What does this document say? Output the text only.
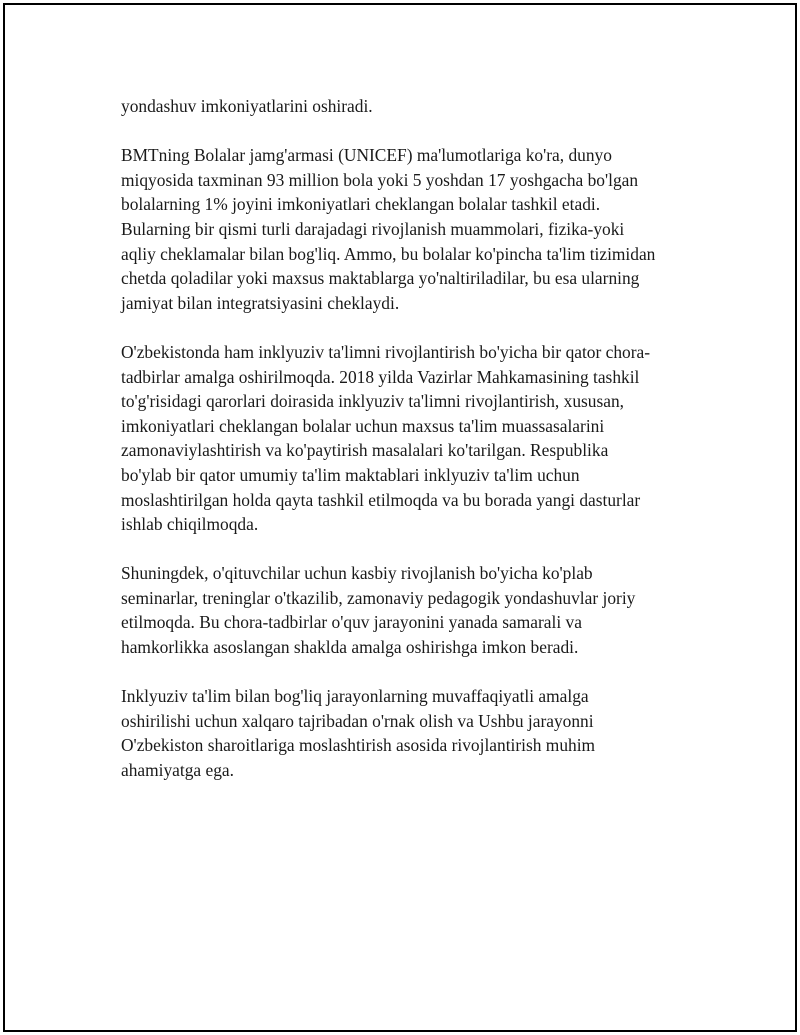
yondashuv imkoniyatlarini oshiradi.

BMTning Bolalar jamg'armasi (UNICEF) ma'lumotlariga ko'ra, dunyo
miqyosida taxminan 93 million bola yoki 5 yoshdan 17 yoshgacha bo'lgan
bolalarning 1% joyini imkoniyatlari cheklangan bolalar tashkil etadi.
Bularning bir qismi turli darajadagi rivojlanish muammolari, fizika-yoki
aqliy cheklamalar bilan bog'liq. Ammo, bu bolalar ko'pincha ta'lim tizimidan
chetda qoladilar yoki maxsus maktablarga yo'naltiriladilar, bu esa ularning
jamiyat bilan integratsiyasini cheklaydi.

O'zbekistonda ham inklyuziv ta'limni rivojlantirish bo'yicha bir qator chora-
tadbirlar amalga oshirilmoqda. 2018 yilda Vazirlar Mahkamasining tashkil
to'g'risidagi qarorlari doirasida inklyuziv ta'limni rivojlantirish, xususan,
imkoniyatlari cheklangan bolalar uchun maxsus ta'lim muassasalarini
zamonaviylashtirish va ko'paytirish masalalari ko'tarilgan. Respublika
bo'ylab bir qator umumiy ta'lim maktablari inklyuziv ta'lim uchun
moslashtirilgan holda qayta tashkil etilmoqda va bu borada yangi dasturlar
ishlab chiqilmoqda.

Shuningdek, o'qituvchilar uchun kasbiy rivojlanish bo'yicha ko'plab
seminarlar, treninglar o'tkazilib, zamonaviy pedagogik yondashuvlar joriy
etilmoqda. Bu chora-tadbirlar o'quv jarayonini yanada samarali va
hamkorlikka asoslangan shaklda amalga oshirishga imkon beradi.

Inklyuziv ta'lim bilan bog'liq jarayonlarning muvaffaqiyatli amalga
oshirilishi uchun xalqaro tajribadan o'rnak olish va Ushbu jarayonni
O'zbekiston sharoitlariga moslashtirish asosida rivojlantirish muhim
ahamiyatga ega.
